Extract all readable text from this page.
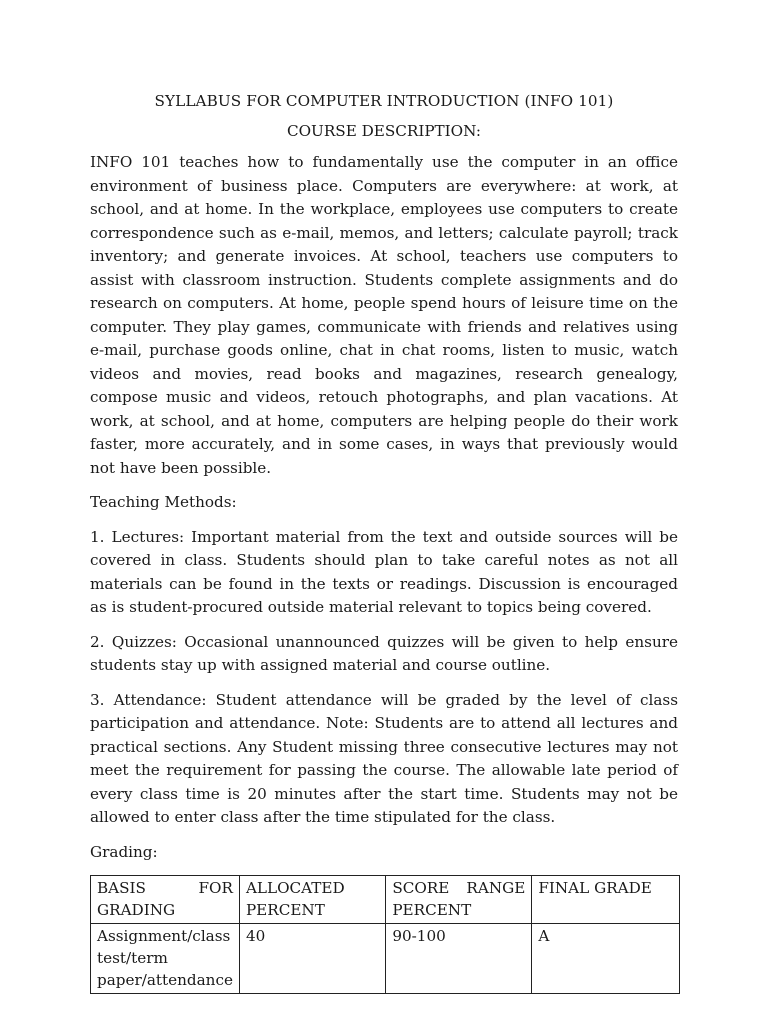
SYLLABUS FOR COMPUTER INTRODUCTION (INFO 101)
COURSE DESCRIPTION:

INFO 101 teaches how to fundamentally use the computer in an office environment of business place. Computers are everywhere: at work, at school, and at home. In the workplace, employees use computers to create correspondence such as e-mail, memos, and letters; calculate payroll; track inventory; and generate invoices. At school, teachers use computers to assist with classroom instruction. Students complete assignments and do research on computers. At home, people spend hours of leisure time on the computer. They play games, communicate with friends and relatives using e-mail, purchase goods online, chat in chat rooms, listen to music, watch videos and movies, read books and magazines, research genealogy, compose music and videos, retouch photographs, and plan vacations. At work, at school, and at home, computers are helping people do their work faster, more accurately, and in some cases, in ways that previously would not have been possible.

Teaching Methods:

1. Lectures: Important material from the text and outside sources will be covered in class. Students should plan to take careful notes as not all materials can be found in the texts or readings. Discussion is encouraged as is student-procured outside material relevant to topics being covered.

2. Quizzes: Occasional unannounced quizzes will be given to help ensure students stay up with assigned material and course outline.

3. Attendance: Student attendance will be graded by the level of class participation and attendance. Note: Students are to attend all lectures and practical sections. Any Student missing three consecutive lectures may not meet the requirement for passing the course. The allowable late period of every class time is 20 minutes after the start time. Students may not be allowed to enter class after the time stipulated for the class.

Grading:
BASIS FOR GRADING	ALLOCATED PERCENT	SCORE RANGE PERCENT	FINAL GRADE
Assignment/class test/term paper/attendance	40	90-100	A
